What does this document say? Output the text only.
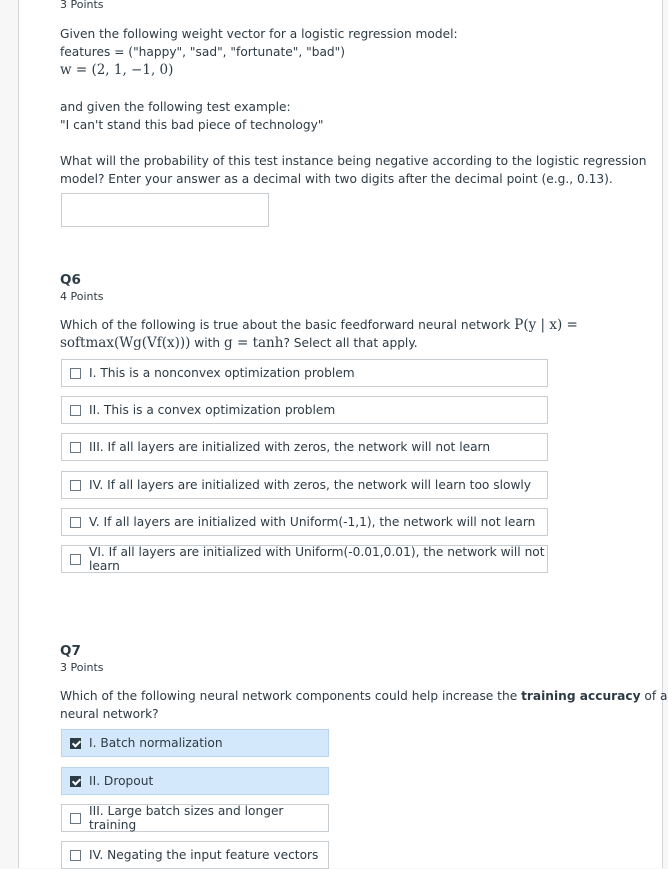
3 Points
Given the following weight vector for a logistic regression model:
features = ("happy", "sad", "fortunate", "bad")
w = (2, 1, −1, 0)
and given the following test example:
"I can't stand this bad piece of technology"
What will the probability of this test instance being negative according to the logistic regression
model? Enter your answer as a decimal with two digits after the decimal point (e.g., 0.13).
Q6
4 Points
Which of the following is true about the basic feedforward neural network P(y | x) =
softmax(Wg(Vf(x))) with g = tanh? Select all that apply.
I. This is a nonconvex optimization problem
II. This is a convex optimization problem
III. If all layers are initialized with zeros, the network will not learn
IV. If all layers are initialized with zeros, the network will learn too slowly
V. If all layers are initialized with Uniform(-1,1), the network will not learn
VI. If all layers are initialized with Uniform(-0.01,0.01), the network will not learn
Q7
3 Points
Which of the following neural network components could help increase the training accuracy of a
neural network?
I. Batch normalization
II. Dropout
III. Large batch sizes and longer training
IV. Negating the input feature vectors
